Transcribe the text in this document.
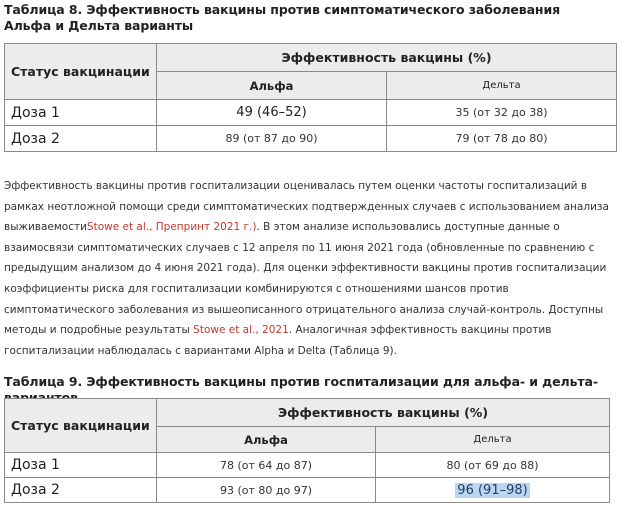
Таблица 8. Эффективность вакцины против симптоматического заболевания Альфа и Дельта варианты
Статус вакцинации	Эффективность вакцины (%)	
	Альфа	Дельта
Доза 1	49 (46–52)	35 (от 32 до 38)
Доза 2	89 (от 87 до 90)	79 (от 78 до 80)
Эффективность вакцины против госпитализации оценивалась путем оценки частоты госпитализаций в рамках неотложной помощи среди симптоматических подтвержденных случаев с использованием анализа выживаемостиStowe et al., Препринт 2021 г.). В этом анализе использовались доступные данные о взаимосвязи симптоматических случаев с 12 апреля по 11 июня 2021 года (обновленные по сравнению с предыдущим анализом до 4 июня 2021 года). Для оценки эффективности вакцины против госпитализации коэффициенты риска для госпитализации комбинируются с отношениями шансов против симптоматического заболевания из вышеописанного отрицательного анализа случай-контроль. Доступны методы и подробные результаты Stowe et al., 2021. Аналогичная эффективность вакцины против госпитализации наблюдалась с вариантами Alpha и Delta (Таблица 9).
Таблица 9. Эффективность вакцины против госпитализации для альфа- и дельта-
Статус вакцинации	Эффективность вакцины (%)	
	Альфа	Дельта
Доза 1	78 (от 64 до 87)	80 (от 69 до 88)
Доза 2	93 (от 80 до 97)	96 (91–98)
